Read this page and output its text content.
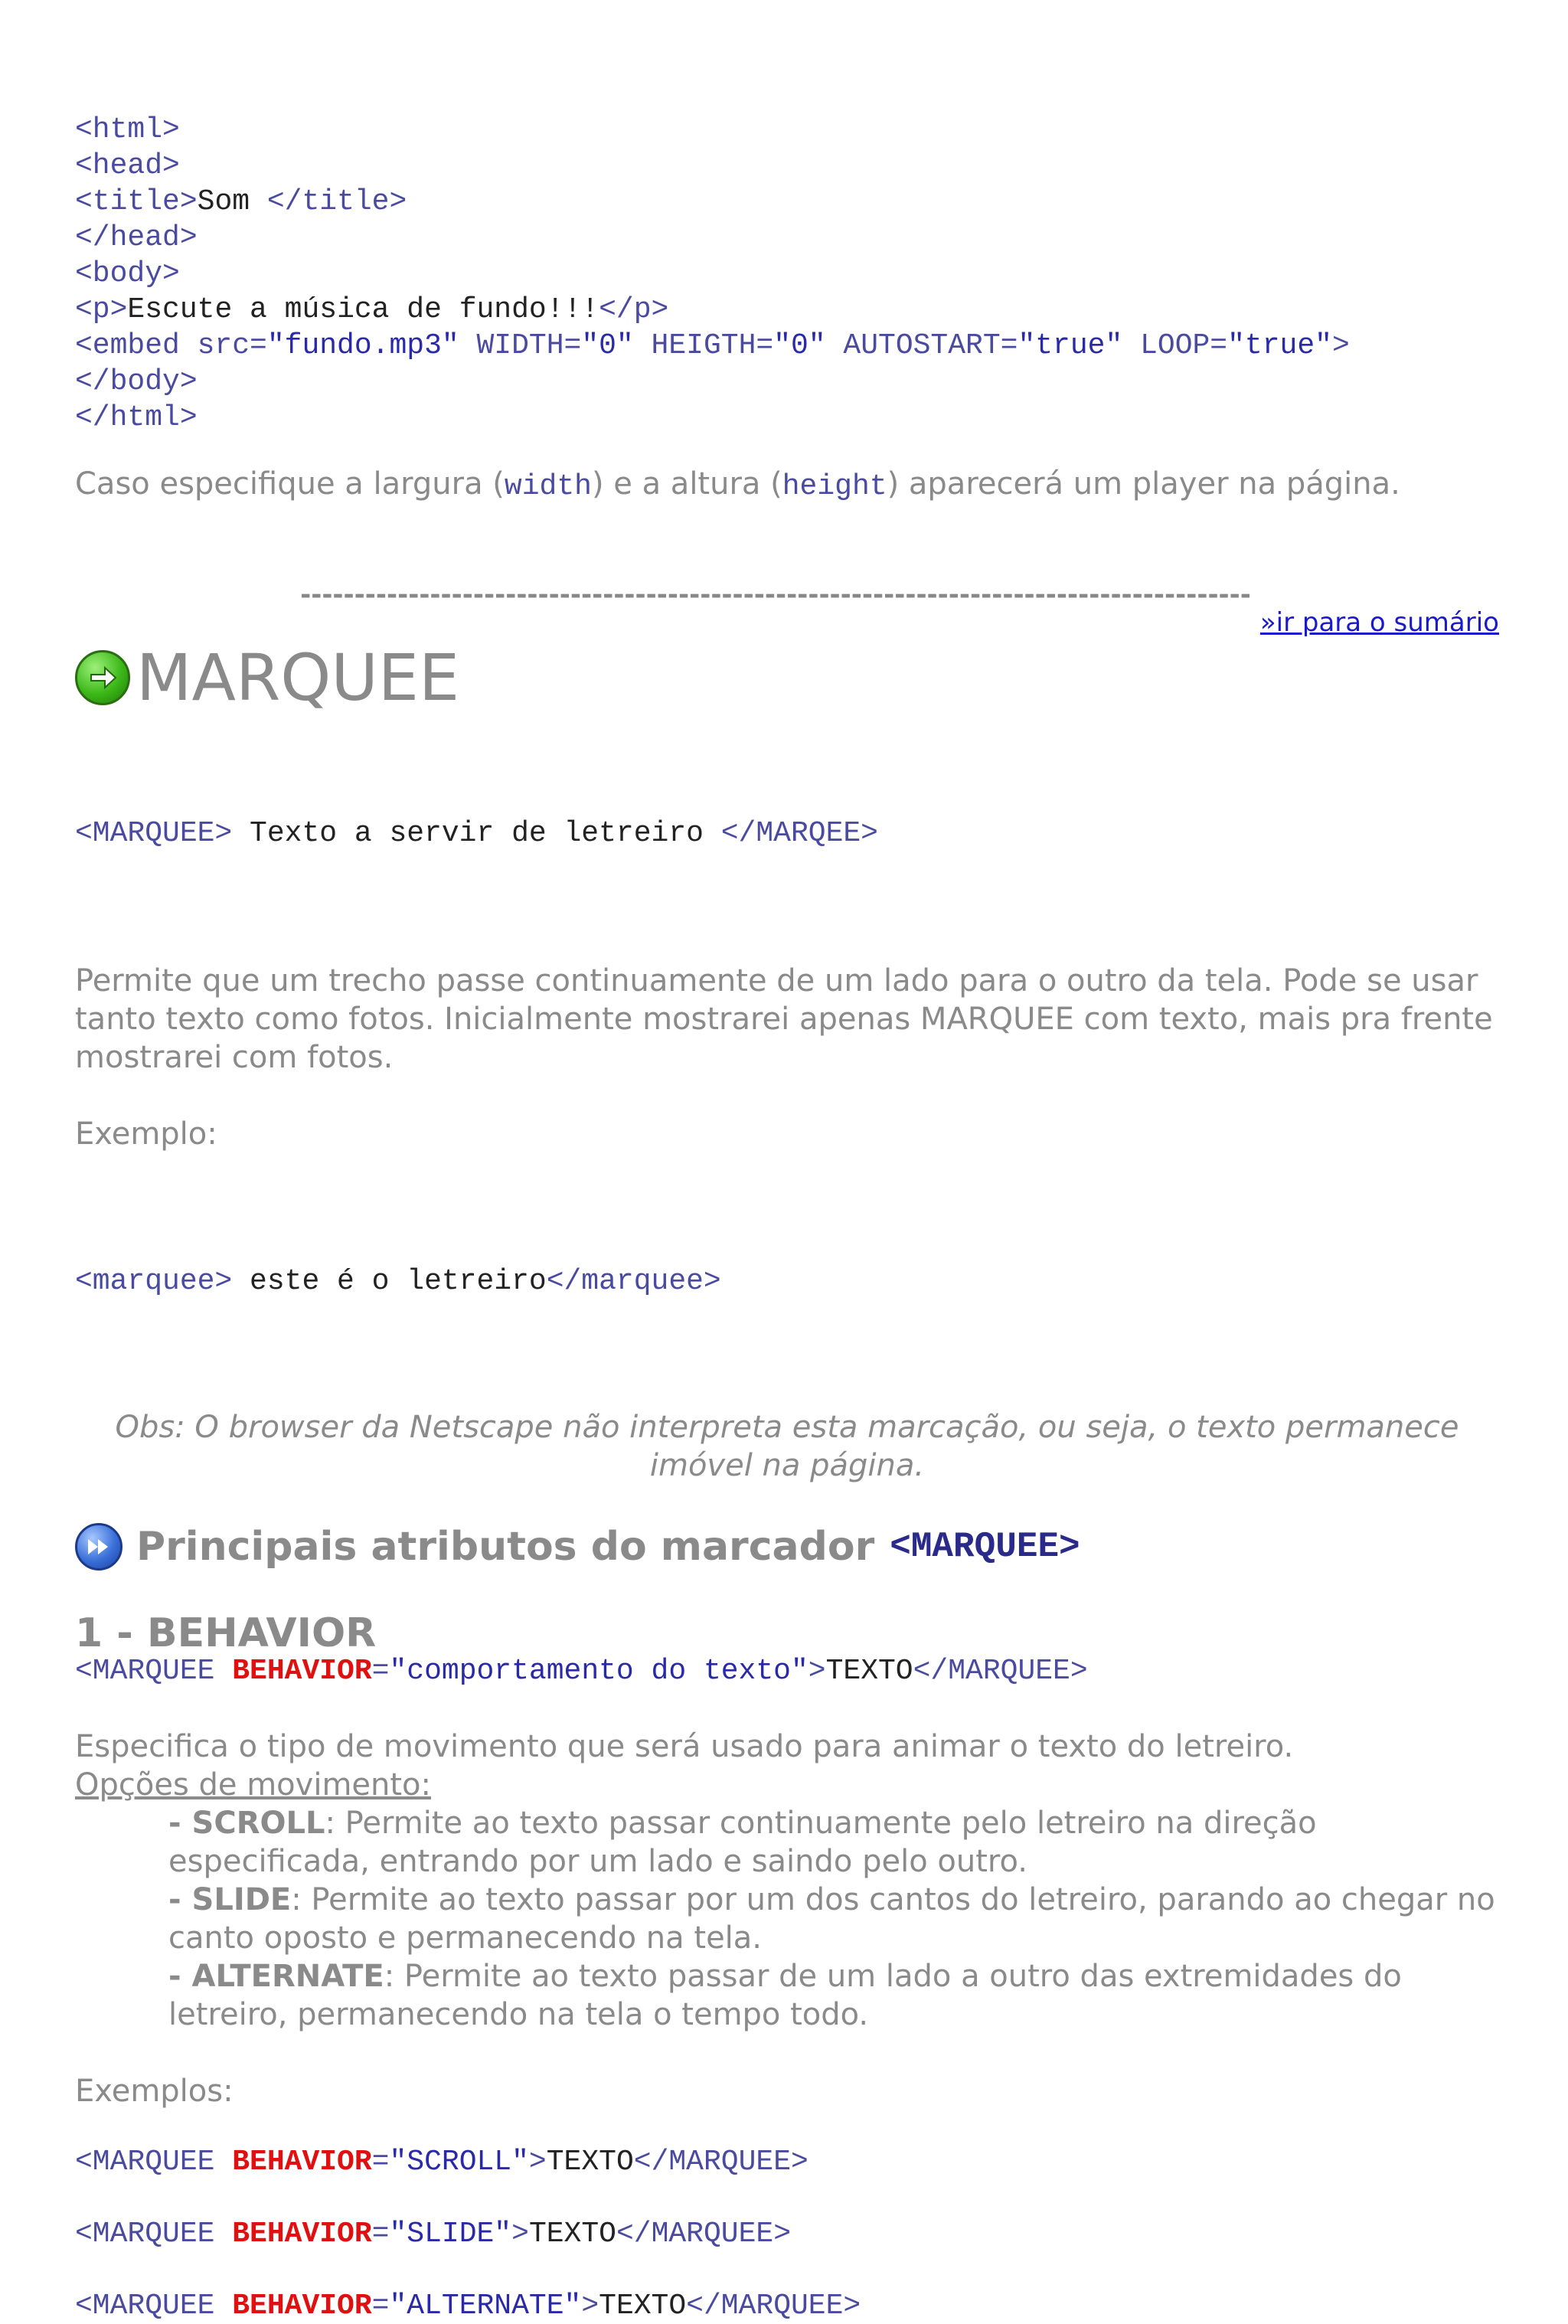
<html>
<head>
<title>Som </title>
</head>
<body>
<p>Escute a música de fundo!!!</p>
<embed src="fundo.mp3" WIDTH="0" HEIGTH="0" AUTOSTART="true" LOOP="true">
</body>
</html>

Caso especifique a largura (width) e a altura (height) aparecerá um player na página.

----------------------------------------------------------------------------------------
»ir para o sumário
MARQUEE

<MARQUEE> Texto a servir de letreiro </MARQEE>

Permite que um trecho passe continuamente de um lado para o outro da tela. Pode se usar tanto texto como fotos. Inicialmente mostrarei apenas MARQUEE com texto, mais pra frente mostrarei com fotos.

Exemplo:

<marquee> este é o letreiro</marquee>

Obs: O browser da Netscape não interpreta esta marcação, ou seja, o texto permanece
imóvel na página.
Principais atributos do marcador <MARQUEE>

1 - BEHAVIOR

<MARQUEE BEHAVIOR="comportamento do texto">TEXTO</MARQUEE>

Especifica o tipo de movimento que será usado para animar o texto do letreiro.

Opções de movimento:

- SCROLL: Permite ao texto passar continuamente pelo letreiro na direção especificada, entrando por um lado e saindo pelo outro.

- SLIDE: Permite ao texto passar por um dos cantos do letreiro, parando ao chegar no canto oposto e permanecendo na tela.

- ALTERNATE: Permite ao texto passar de um lado a outro das extremidades do letreiro, permanecendo na tela o tempo todo.

Exemplos:

<MARQUEE BEHAVIOR="SCROLL">TEXTO</MARQUEE>
<MARQUEE BEHAVIOR="SLIDE">TEXTO</MARQUEE>
<MARQUEE BEHAVIOR="ALTERNATE">TEXTO</MARQUEE>
